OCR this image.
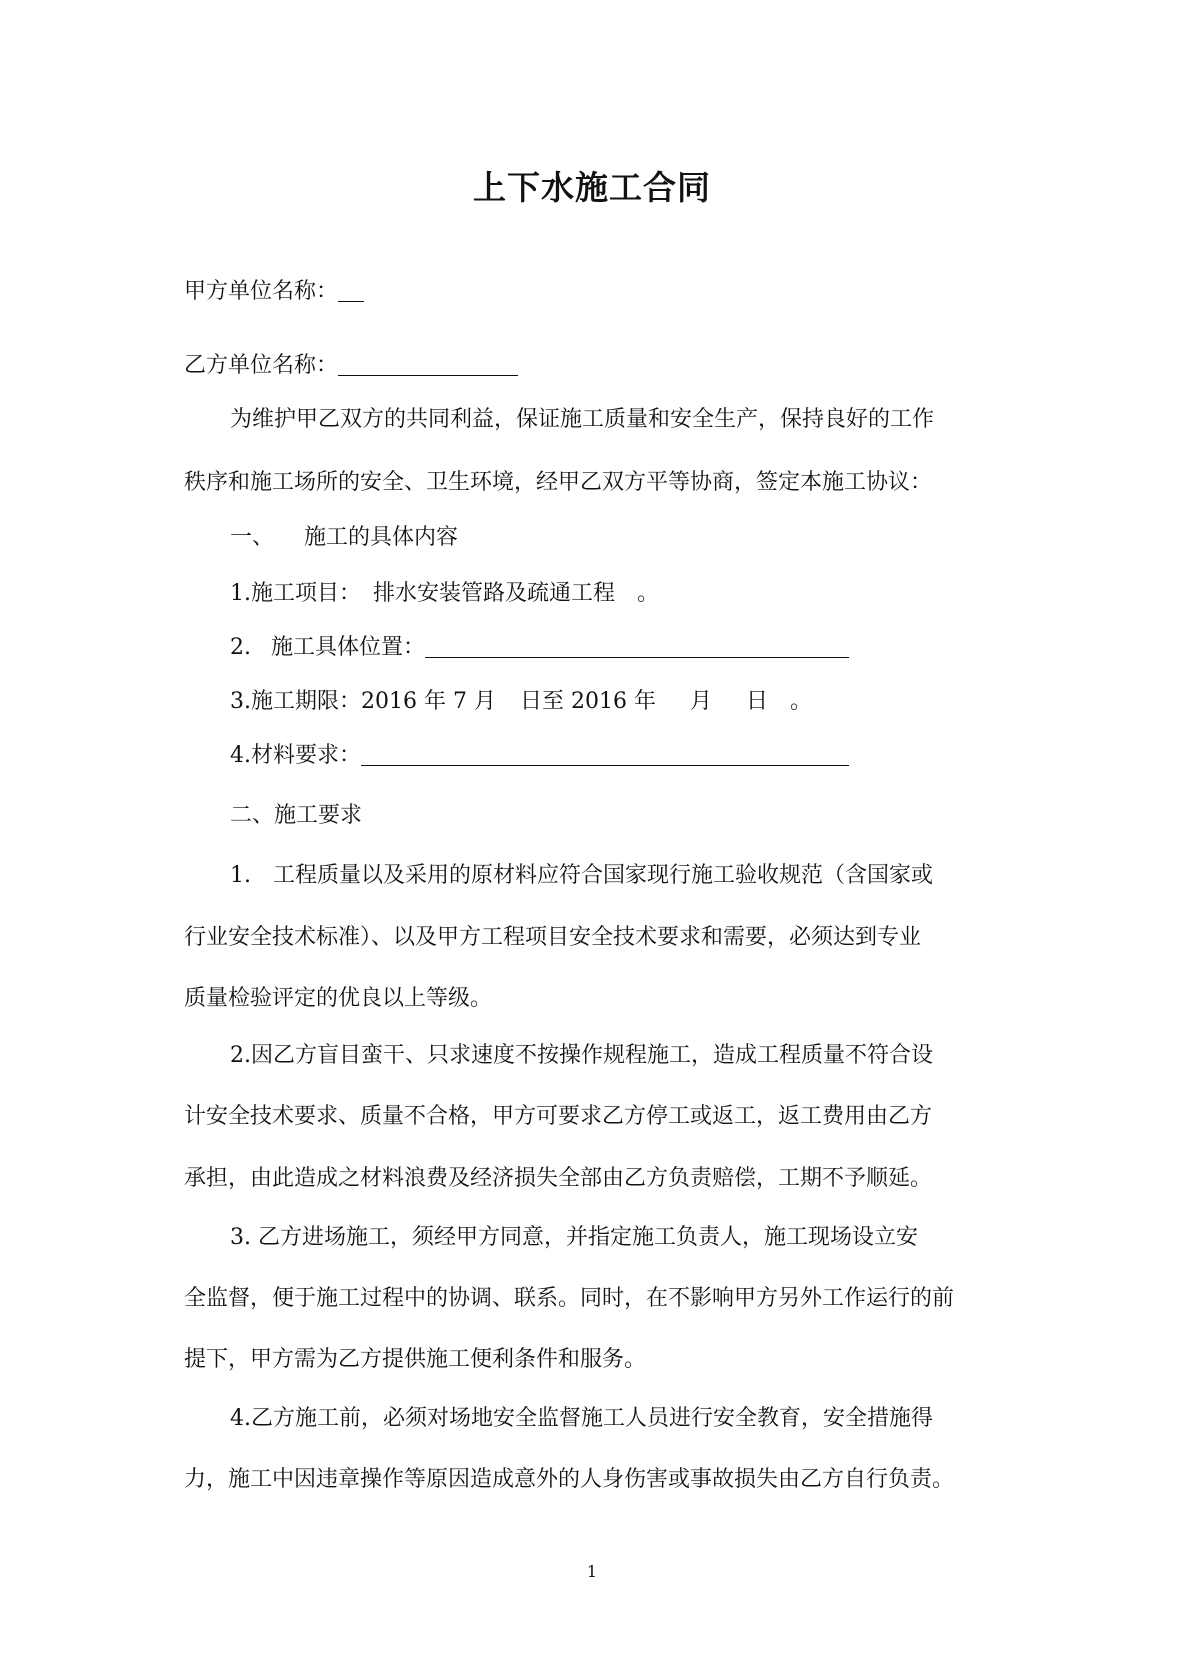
上下水施工合同
甲方单位名称：
乙方单位名称：
为维护甲乙双方的共同利益，保证施工质量和安全生产，保持良好的工作
秩序和施工场所的安全、卫生环境，经甲乙双方平等协商，签定本施工协议：
一、 施工的具体内容
1.施工项目： 排水安装管路及疏通工程 。
2. 施工具体位置：
3.施工期限：2016 年 7 月 日至 2016 年 月 日 。
4.材料要求：
二、施工要求
1. 工程质量以及采用的原材料应符合国家现行施工验收规范（含国家或
行业安全技术标准）、以及甲方工程项目安全技术要求和需要，必须达到专业
质量检验评定的优良以上等级。
2.因乙方盲目蛮干、只求速度不按操作规程施工，造成工程质量不符合设
计安全技术要求、质量不合格，甲方可要求乙方停工或返工，返工费用由乙方
承担，由此造成之材料浪费及经济损失全部由乙方负责赔偿，工期不予顺延。
3. 乙方进场施工，须经甲方同意，并指定施工负责人，施工现场设立安
全监督，便于施工过程中的协调、联系。同时，在不影响甲方另外工作运行的前
提下，甲方需为乙方提供施工便利条件和服务。
4.乙方施工前，必须对场地安全监督施工人员进行安全教育，安全措施得
力，施工中因违章操作等原因造成意外的人身伤害或事故损失由乙方自行负责。
1
